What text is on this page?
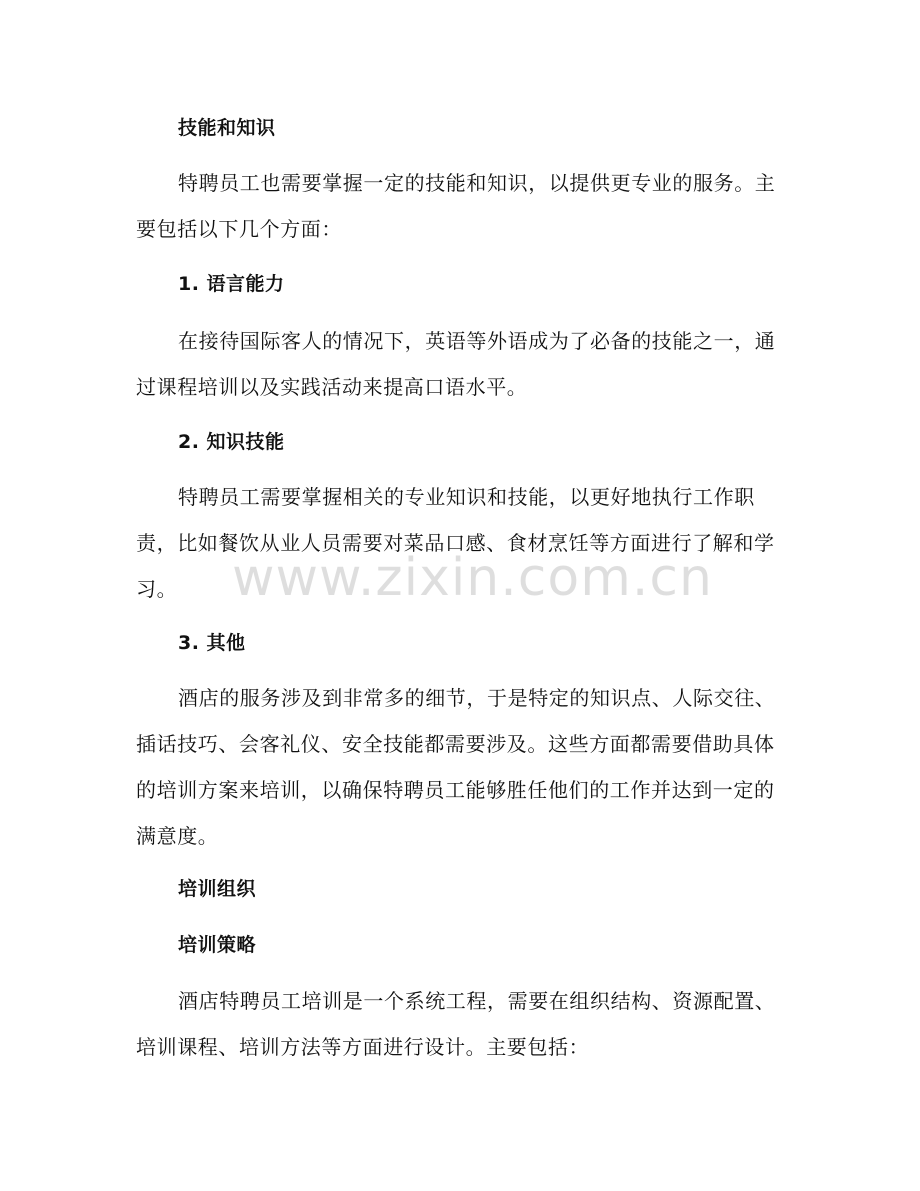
技能和知识

特聘员工也需要掌握一定的技能和知识，以提供更专业的服务。主要包括以下几个方面：

1. 语言能力

在接待国际客人的情况下，英语等外语成为了必备的技能之一，通过课程培训以及实践活动来提高口语水平。

2. 知识技能

特聘员工需要掌握相关的专业知识和技能，以更好地执行工作职责，比如餐饮从业人员需要对菜品口感、食材烹饪等方面进行了解和学习。

3. 其他

酒店的服务涉及到非常多的细节，于是特定的知识点、人际交往、插话技巧、会客礼仪、安全技能都需要涉及。这些方面都需要借助具体的培训方案来培训，以确保特聘员工能够胜任他们的工作并达到一定的满意度。

培训组织
培训策略

酒店特聘员工培训是一个系统工程，需要在组织结构、资源配置、培训课程、培训方法等方面进行设计。主要包括：

www.zixin.com.cn
